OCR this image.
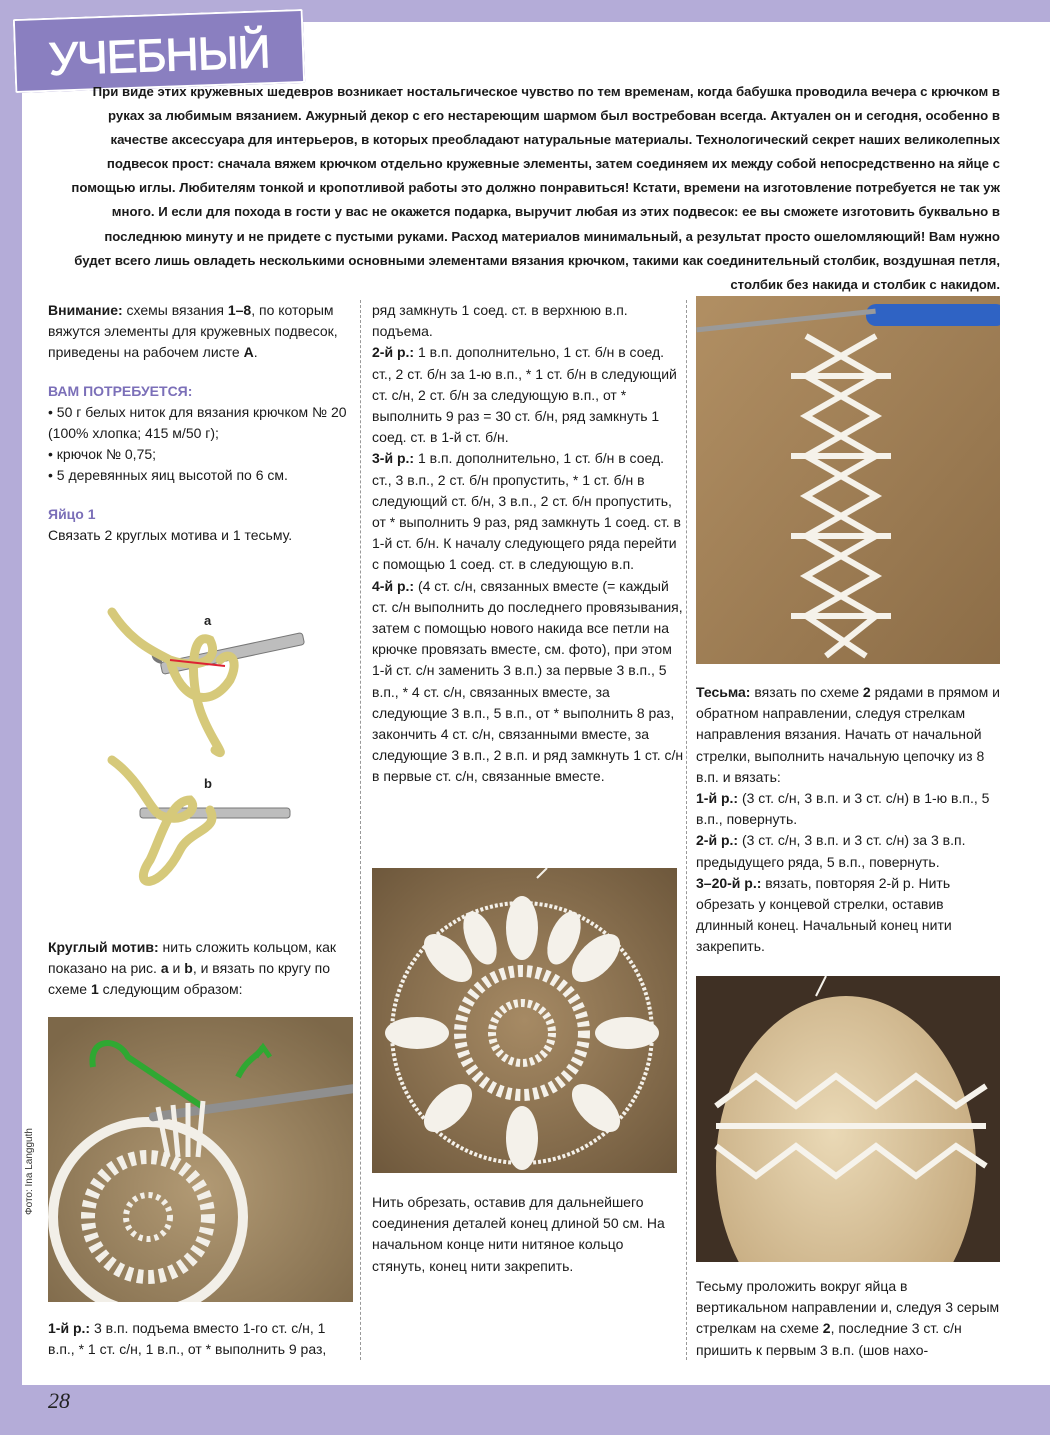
УЧЕБНЫЙ КУРС
При виде этих кружевных шедевров возникает ностальгическое чувство по тем временам, когда бабушка проводила вечера с крючком в руках за любимым вязанием. Ажурный декор с его нестареющим шармом был востребован всегда. Актуален он и сегодня, особенно в качестве аксессуара для интерьеров, в которых преобладают натуральные материалы. Технологический секрет наших великолепных подвесок прост: сначала вяжем крючком отдельно кружевные элементы, затем соединяем их между собой непосредственно на яйце с помощью иглы. Любителям тонкой и кропотливой работы это должно понравиться! Кстати, времени на изготовление потребуется не так уж много. И если для похода в гости у вас не окажется подарка, выручит любая из этих подвесок: ее вы сможете изготовить буквально в последнюю минуту и не придете с пустыми руками. Расход материалов минимальный, а результат просто ошеломляющий! Вам нужно будет всего лишь овладеть несколькими основными элементами вязания крючком, такими как соединительный столбик, воздушная петля, столбик без накида и столбик с накидом.

Внимание: схемы вязания 1–8, по которым вяжутся элементы для кружевных подвесок, приведены на рабочем листе А.

ВАМ ПОТРЕБУЕТСЯ:

• 50 г белых ниток для вязания крючком № 20 (100% хлопка; 415 м/50 г);

• крючок № 0,75;

• 5 деревянных яиц высотой по 6 см.

Яйцо 1

Связать 2 круглых мотива и 1 тесьму.

a
b

Круглый мотив: нить сложить кольцом, как показано на рис. a и b, и вязать по кругу по схеме 1 следующим образом:

Фото: Ina Langguth

1-й р.: 3 в.п. подъема вместо 1-го ст. с/н, 1 в.п., * 1 ст. с/н, 1 в.п., от * выполнить 9 раз,

ряд замкнуть 1 соед. ст. в верхнюю в.п. подъема.

2-й р.: 1 в.п. дополнительно, 1 ст. б/н в соед. ст., 2 ст. б/н за 1-ю в.п., * 1 ст. б/н в следующий ст. с/н, 2 ст. б/н за следующую в.п., от * выполнить 9 раз = 30 ст. б/н, ряд замкнуть 1 соед. ст. в 1-й ст. б/н.

3-й р.: 1 в.п. дополнительно, 1 ст. б/н в соед. ст., 3 в.п., 2 ст. б/н пропустить, * 1 ст. б/н в следующий ст. б/н, 3 в.п., 2 ст. б/н пропустить, от * выполнить 9 раз, ряд замкнуть 1 соед. ст. в 1-й ст. б/н. К началу следующего ряда перейти с помощью 1 соед. ст. в следующую в.п.

4-й р.: (4 ст. с/н, связанных вместе (= каждый ст. с/н выполнить до последнего провязывания, затем с помощью нового накида все петли на крючке провязать вместе, см. фото), при этом 1-й ст. с/н заменить 3 в.п.) за первые 3 в.п., 5 в.п., * 4 ст. с/н, связанных вместе, за следующие 3 в.п., 5 в.п., от * выполнить 8 раз, закончить 4 ст. с/н, связанными вместе, за следующие 3 в.п., 2 в.п. и ряд замкнуть 1 ст. с/н в первые ст. с/н, связанные вместе.

Нить обрезать, оставив для дальнейшего соединения деталей конец длиной 50 см. На начальном конце нити нитяное кольцо стянуть, конец нити закрепить.

Тесьма: вязать по схеме 2 рядами в прямом и обратном направлении, следуя стрелкам направления вязания. Начать от начальной стрелки, выполнить начальную цепочку из 8 в.п. и вязать:

1-й р.: (3 ст. с/н, 3 в.п. и 3 ст. с/н) в 1-ю в.п., 5 в.п., повернуть.

2-й р.: (3 ст. с/н, 3 в.п. и 3 ст. с/н) за 3 в.п. предыдущего ряда, 5 в.п., повернуть.

3–20-й р.: вязать, повторяя 2-й р. Нить обрезать у концевой стрелки, оставив длинный конец. Начальный конец нити закрепить.

Тесьму проложить вокруг яйца в вертикальном направлении и, следуя 3 серым стрелкам на схеме 2, последние 3 ст. с/н пришить к первым 3 в.п. (шов нахо-

28
